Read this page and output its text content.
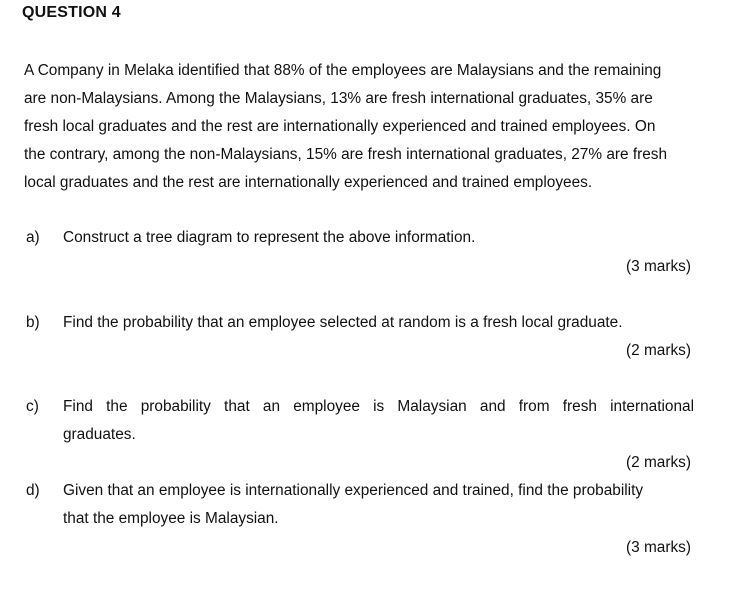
QUESTION 4
A Company in Melaka identified that 88% of the employees are Malaysians and the remaining
are non-Malaysians. Among the Malaysians, 13% are fresh international graduates, 35% are
fresh local graduates and the rest are internationally experienced and trained employees. On
the contrary, among the non-Malaysians, 15% are fresh international graduates, 27% are fresh
local graduates and the rest are internationally experienced and trained employees.
a) Construct a tree diagram to represent the above information.
(3 marks)
b) Find the probability that an employee selected at random is a fresh local graduate.
(2 marks)
c) Find the probability that an employee is Malaysian and from fresh international
graduates.
(2 marks)
d) Given that an employee is internationally experienced and trained, find the probability
that the employee is Malaysian.
(3 marks)
